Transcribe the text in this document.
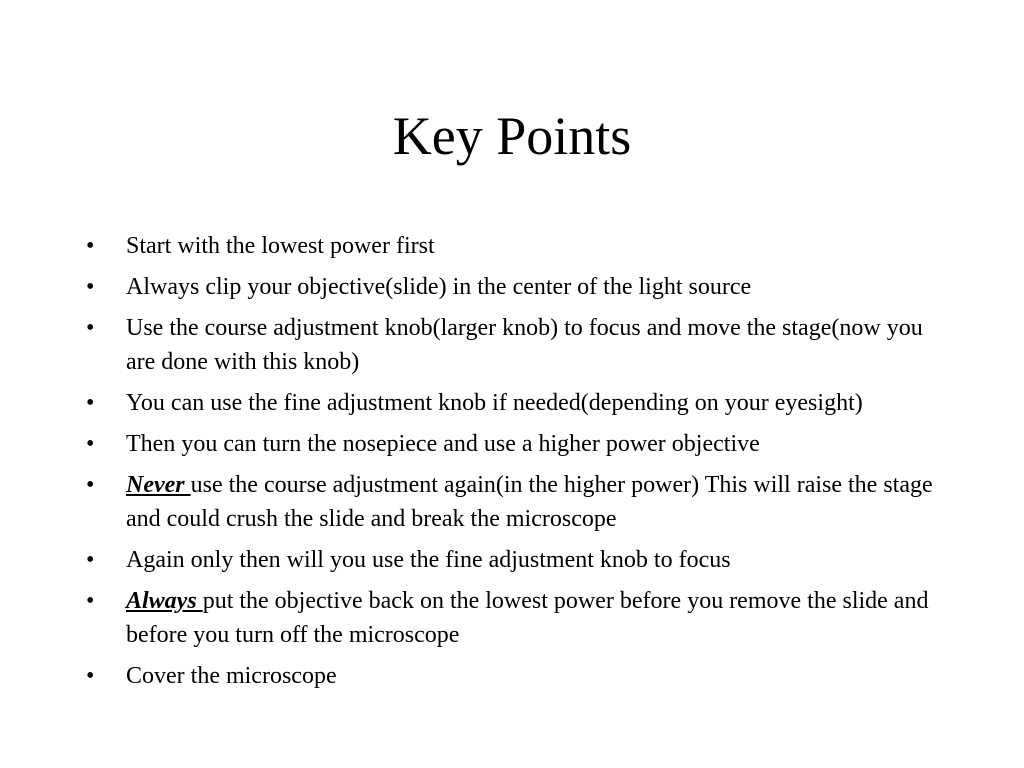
Key Points
•	Start with the lowest power first
•	Always clip your objective(slide) in the center of the light source
•	Use the course adjustment knob(larger knob) to focus and move the stage(now you are done with this knob)
•	You can use the fine adjustment knob if needed(depending on your eyesight)
•	Then you can turn the nosepiece and use a higher power objective
•	Never use the course adjustment again(in the higher power) This will raise the stage and could crush the slide and break the microscope
•	Again only then will you use the fine adjustment knob to focus
•	Always put the objective back on the lowest power before you remove the slide and before you turn off the microscope
•	Cover the microscope
